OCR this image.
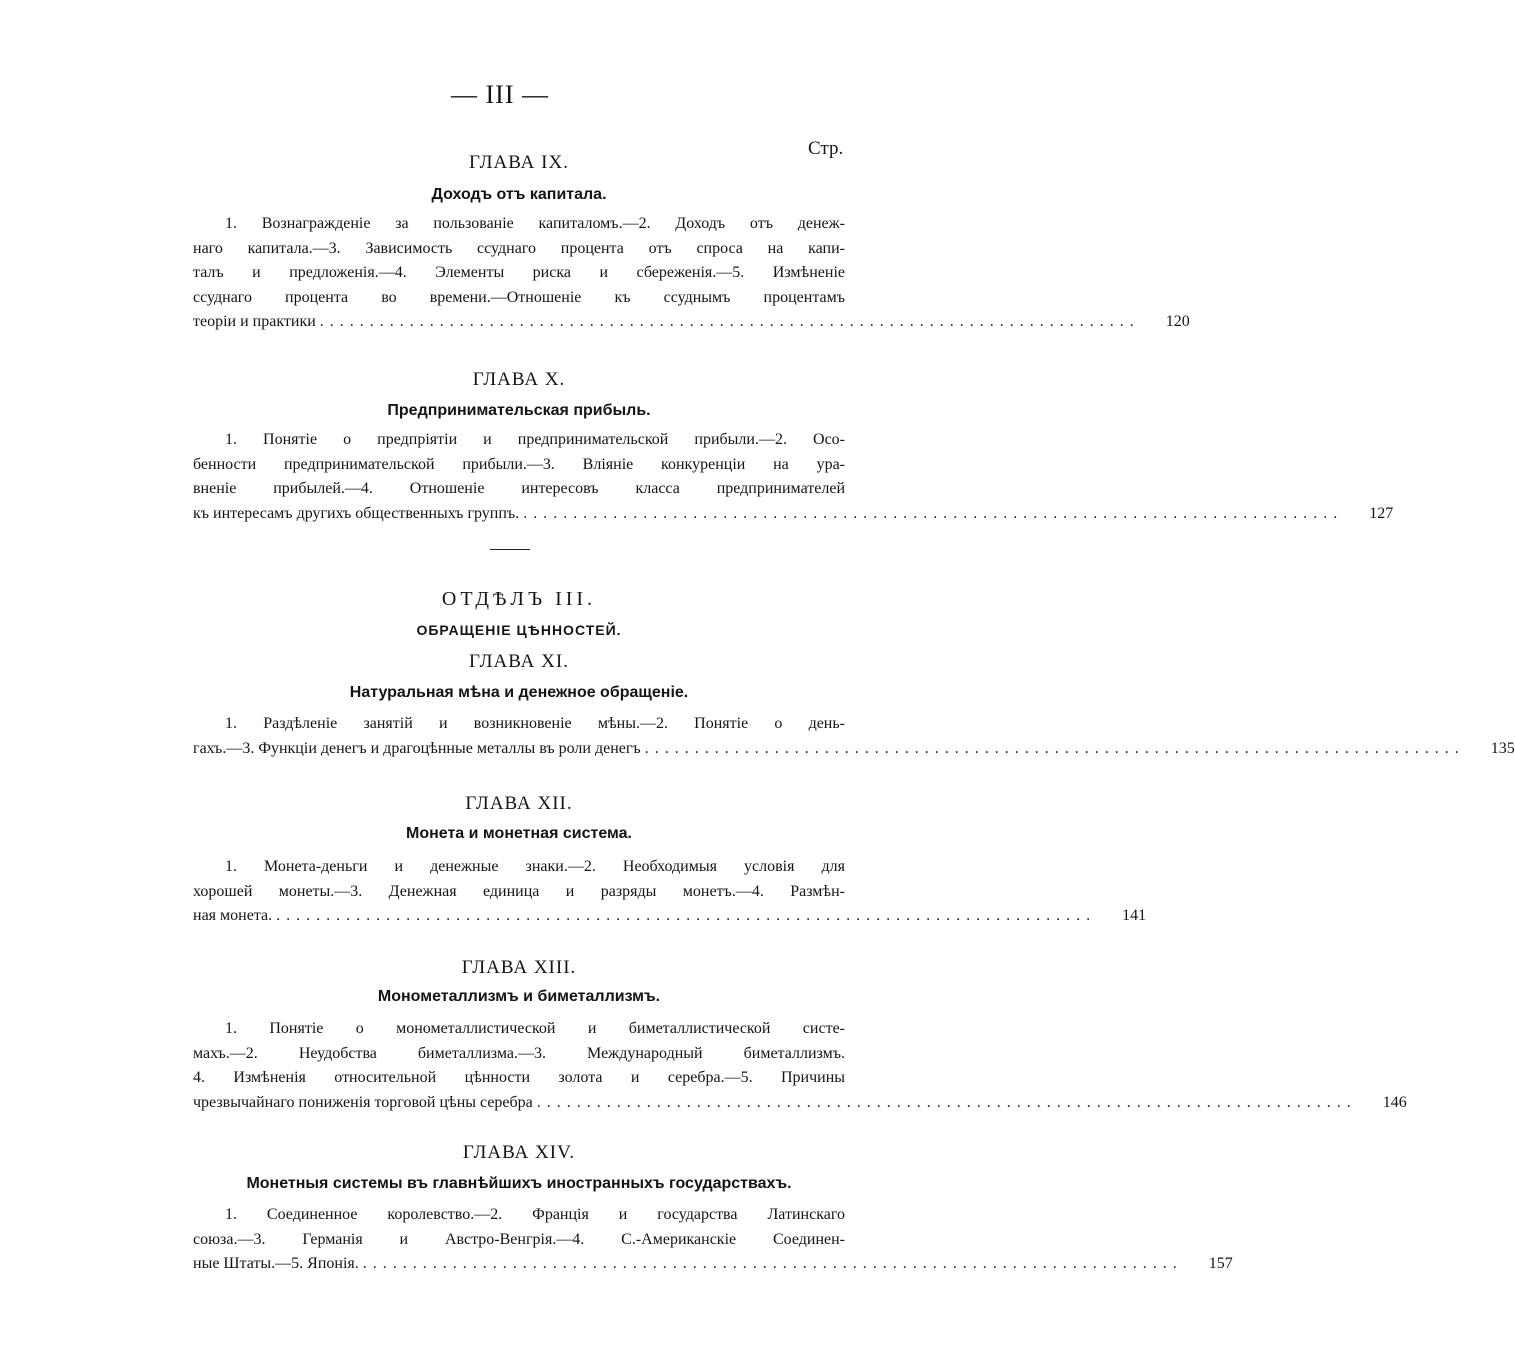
— III —
Стр.
ГЛАВА IX.
Доходъ отъ капитала.
1. Вознагражденіе за пользованіе капиталомъ.—2. Доходъ отъ денеж-
наго капитала.—3. Зависимость ссуднаго процента отъ спроса на капи-
талъ и предложенія.—4. Элементы риска и сбереженія.—5. Измѣненіе
ссуднаго процента во времени.—Отношеніе къ ссуднымъ процентамъ
теоріи и практики ..................................................................................	120
ГЛАВА X.
Предпринимательская прибыль.
1. Понятіе о предпріятіи и предпринимательской прибыли.—2. Осо-
бенности предпринимательской прибыли.—3. Вліяніе конкуренціи на ура-
вненіе прибылей.—4. Отношеніе интересовъ класса предпринимателей
къ интересамъ другихъ общественныхъ группъ. ..................................................................................	127
ОТДѢЛЪ III.
ОБРАЩЕНІЕ ЦѢННОСТЕЙ.
ГЛАВА XI.
Натуральная мѣна и денежное обращеніе.
1. Раздѣленіе занятій и возникновеніе мѣны.—2. Понятіе о день-
гахъ.—3. Функціи денегъ и драгоцѣнные металлы въ роли денегъ ..................................................................................	135
ГЛАВА XII.
Монета и монетная система.
1. Монета-деньги и денежные знаки.—2. Необходимыя условія для
хорошей монеты.—3. Денежная единица и разряды монетъ.—4. Размѣн-
ная монета. ..................................................................................	141
ГЛАВА XIII.
Монометаллизмъ и биметаллизмъ.
1. Понятіе о монометаллистической и биметаллистической систе-
махъ.—2. Неудобства биметаллизма.—3. Международный биметаллизмъ.
4. Измѣненія относительной цѣнности золота и серебра.—5. Причины
чрезвычайнаго пониженія торговой цѣны серебра ..................................................................................	146
ГЛАВА XIV.
Монетныя системы въ главнѣйшихъ иностранныхъ государствахъ.
1. Соединенное королевство.—2. Франція и государства Латинскаго
союза.—3. Германія и Австро-Венгрія.—4. С.-Американскіе Соединен-
ные Штаты.—5. Японія. ..................................................................................	157
